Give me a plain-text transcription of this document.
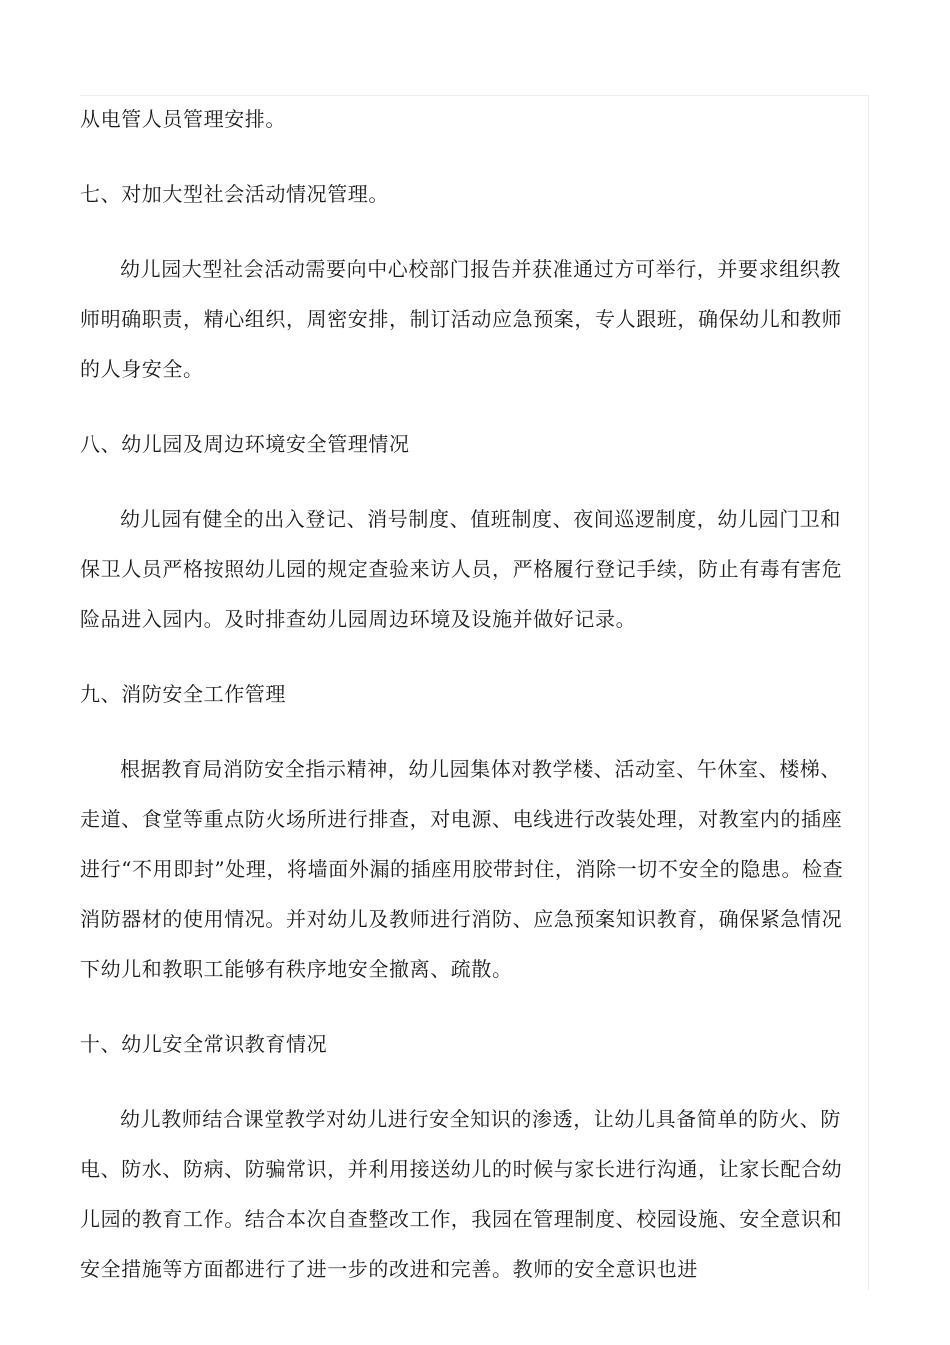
从电管人员管理安排。

七、对加大型社会活动情况管理。

幼儿园大型社会活动需要向中心校部门报告并获准通过方可举行，并要求组织教师明确职责，精心组织，周密安排，制订活动应急预案，专人跟班，确保幼儿和教师的人身安全。

八、幼儿园及周边环境安全管理情况

幼儿园有健全的出入登记、消号制度、值班制度、夜间巡逻制度，幼儿园门卫和保卫人员严格按照幼儿园的规定查验来访人员，严格履行登记手续，防止有毒有害危险品进入园内。及时排查幼儿园周边环境及设施并做好记录。

九、消防安全工作管理

根据教育局消防安全指示精神，幼儿园集体对教学楼、活动室、午休室、楼梯、走道、食堂等重点防火场所进行排查，对电源、电线进行改装处理，对教室内的插座进行“不用即封”处理，将墙面外漏的插座用胶带封住，消除一切不安全的隐患。检查消防器材的使用情况。并对幼儿及教师进行消防、应急预案知识教育，确保紧急情况下幼儿和教职工能够有秩序地安全撤离、疏散。

十、幼儿安全常识教育情况

幼儿教师结合课堂教学对幼儿进行安全知识的渗透，让幼儿具备简单的防火、防电、防水、防病、防骗常识，并利用接送幼儿的时候与家长进行沟通，让家长配合幼儿园的教育工作。结合本次自查整改工作，我园在管理制度、校园设施、安全意识和安全措施等方面都进行了进一步的改进和完善。教师的安全意识也进
